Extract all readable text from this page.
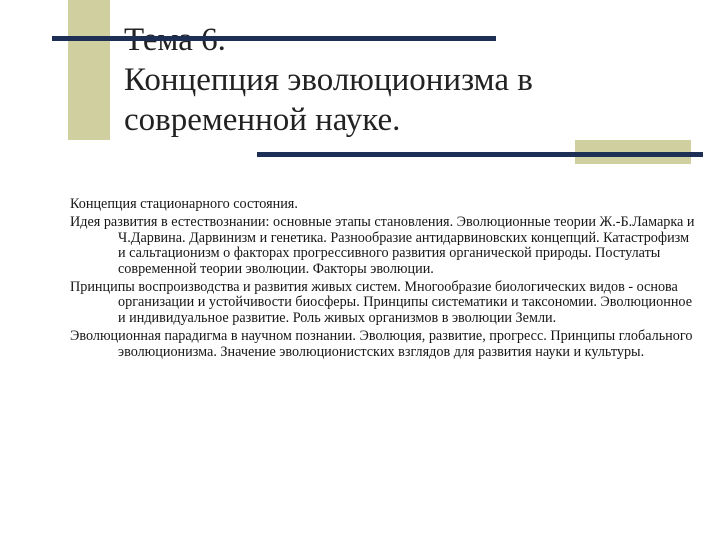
Концепция эволюционизма в
современной науке.
Концепция стационарного состояния.
Идея развития в естествознании: основные этапы становления. Эволюционные теории Ж.-Б.Ламарка и Ч.Дарвина. Дарвинизм и генетика. Разнообразие антидарвиновских концепций. Катастрофизм и сальтационизм о факторах прогрессивного развития органической природы. Постулаты современной теории эволюции. Факторы эволюции.
Принципы воспроизводства и развития живых систем. Многообразие биологических видов - основа организации и устойчивости биосферы. Принципы систематики и таксономии. Эволюционное и индивидуальное развитие. Роль живых организмов в эволюции Земли.
Эволюционная парадигма в научном познании. Эволюция, развитие, прогресс. Принципы глобального эволюционизма. Значение эволюционистских взглядов для развития науки и культуры.
